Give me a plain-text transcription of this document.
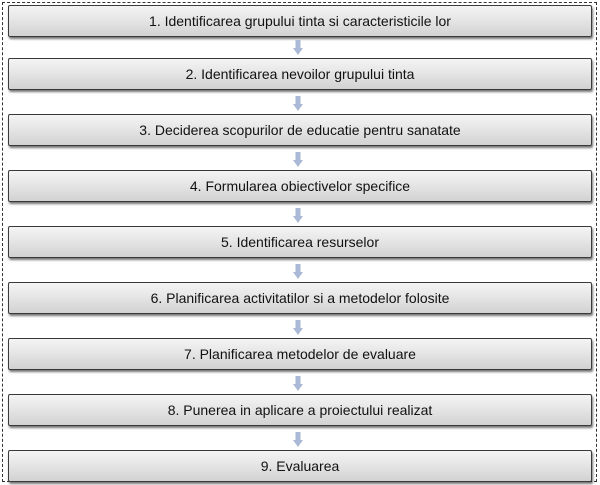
1. Identificarea grupului tinta si caracteristicile lor
2. Identificarea nevoilor grupului tinta
3. Deciderea scopurilor de educatie pentru sanatate
4. Formularea obiectivelor specifice
5. Identificarea resurselor
6. Planificarea activitatilor si a metodelor folosite
7. Planificarea metodelor de evaluare
8. Punerea in aplicare a proiectului realizat
9. Evaluarea
